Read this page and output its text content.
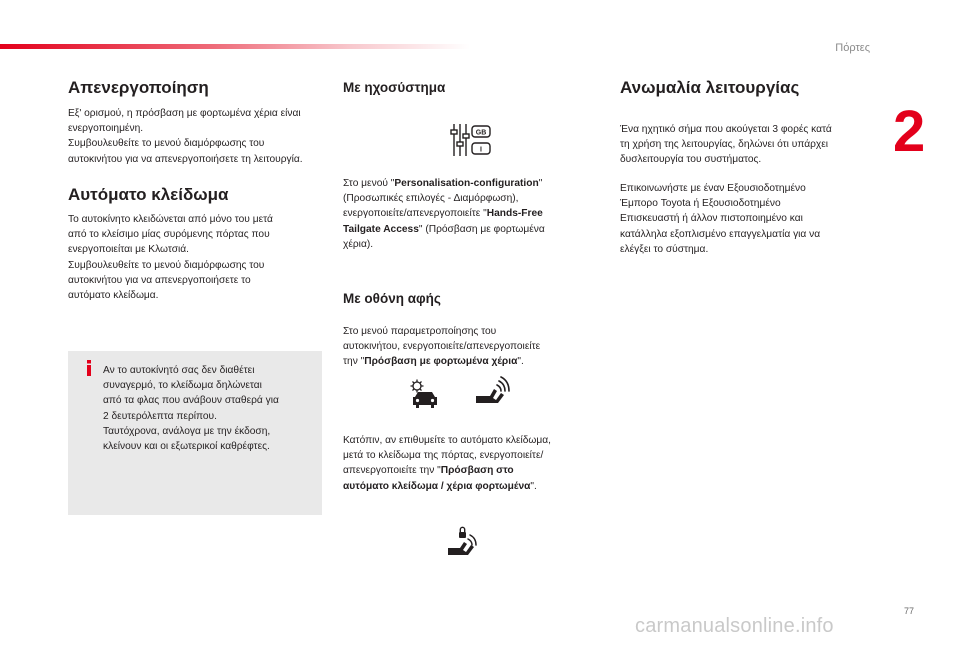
Πόρτες
2
Απενεργοποίηση

Εξ' ορισμού, η πρόσβαση με φορτωμένα χέρια είναι
ενεργοποιημένη.
Συμβουλευθείτε το μενού διαμόρφωσης του
αυτοκινήτου για να απενεργοποιήσετε τη λειτουργία.

Αυτόματο κλείδωμα

Το αυτοκίνητο κλειδώνεται από μόνο του μετά
από το κλείσιμο μίας συρόμενης πόρτας που
ενεργοποιείται με Κλωτσιά.
Συμβουλευθείτε το μενού διαμόρφωσης του
αυτοκινήτου για να απενεργοποιήσετε το
αυτόματο κλείδωμα.

Αν το αυτοκίνητό σας δεν διαθέτει
συναγερμό, το κλείδωμα δηλώνεται
από τα φλας που ανάβουν σταθερά για
2 δευτερόλεπτα περίπου.
Ταυτόχρονα, ανάλογα με την έκδοση,
κλείνουν και οι εξωτερικοί καθρέφτες.

Με ηχοσύστημα
GB
I

Στο μενού "Personalisation-configuration"
(Προσωπικές επιλογές - Διαμόρφωση),
ενεργοποιείτε/απενεργοποιείτε "Hands-Free
Tailgate Access" (Πρόσβαση με φορτωμένα
χέρια).

Με οθόνη αφής

Στο μενού παραμετροποίησης του
αυτοκινήτου, ενεργοποιείτε/απενεργοποιείτε
την "Πρόσβαση με φορτωμένα χέρια".

Κατόπιν, αν επιθυμείτε το αυτόματο κλείδωμα,
μετά το κλείδωμα της πόρτας, ενεργοποιείτε/
απενεργοποιείτε την "Πρόσβαση στο
αυτόματο κλείδωμα / χέρια φορτωμένα".

Ανωμαλία λειτουργίας

Ένα ηχητικό σήμα που ακούγεται 3 φορές κατά
τη χρήση της λειτουργίας, δηλώνει ότι υπάρχει
δυσλειτουργία του συστήματος.

Επικοινωνήστε με έναν Εξουσιοδοτημένο
Έμπορο Toyota ή Εξουσιοδοτημένο
Επισκευαστή ή άλλον πιστοποιημένο και
κατάλληλα εξοπλισμένο επαγγελματία για να
ελέγξει το σύστημα.

77
carmanualsonline.info
